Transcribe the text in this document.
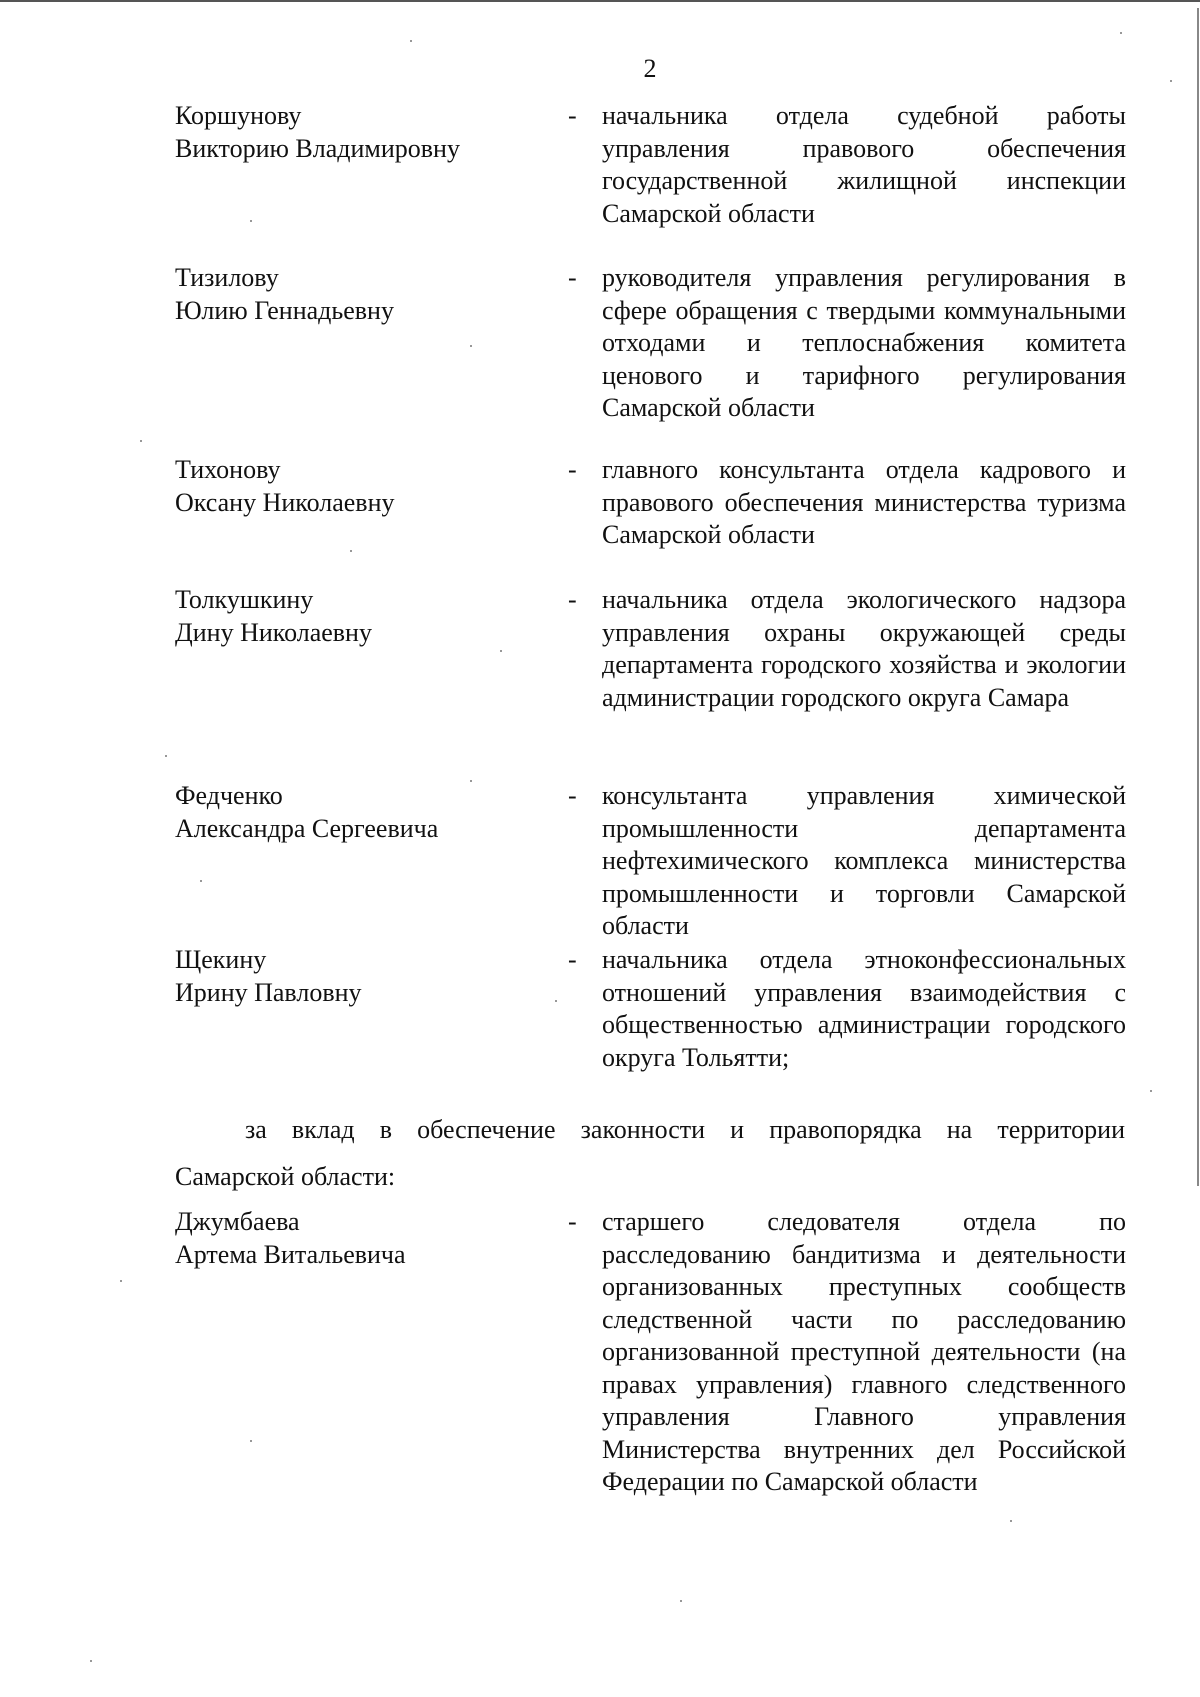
2
Коршунову
Викторию Владимировну
- начальника отдела судебной работы управления правового обеспечения государственной жилищной инспекции Самарской области
Тизилову
Юлию Геннадьевну
- руководителя управления регулирования в сфере обращения с твердыми коммунальными отходами и теплоснабжения комитета ценового и тарифного регулирования Самарской области
Тихонову
Оксану Николаевну
- главного консультанта отдела кадрового и правового обеспечения министерства туризма Самарской области
Толкушкину
Дину Николаевну
- начальника отдела экологического надзора управления охраны окружающей среды департамента городского хозяйства и экологии администрации городского округа Самара
Федченко
Александра Сергеевича
- консультанта управления химической промышленности департамента нефтехимического комплекса министерства промышленности и торговли Самарской области
Щекину
Ирину Павловну
- начальника отдела этноконфессиональных отношений управления взаимодействия с общественностью администрации городского округа Тольятти;
за вклад в обеспечение законности и правопорядка на территории
Самарской области:
Джумбаева
Артема Витальевича
- старшего следователя отдела по расследованию бандитизма и деятельности организованных преступных сообществ следственной части по расследованию организованной преступной деятельности (на правах управления) главного следственного управления Главного управления Министерства внутренних дел Российской Федерации по Самарской области
